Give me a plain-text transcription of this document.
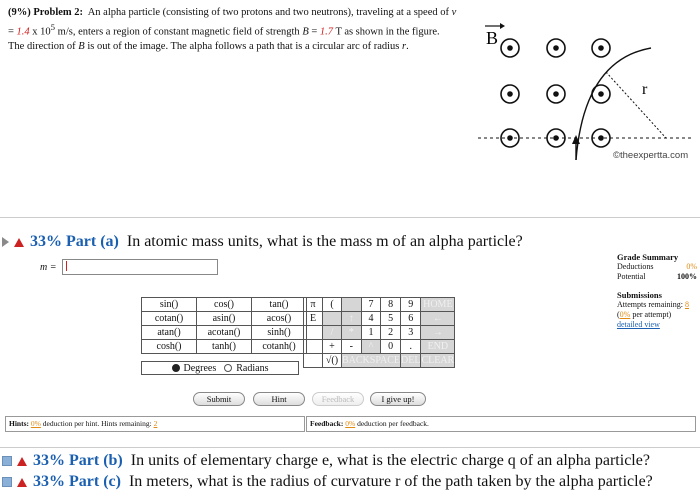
(9%) Problem 2: An alpha particle (consisting of two protons and two neutrons), traveling at a speed of v = 1.4 x $10^5$ m/s, enters a region of constant magnetic field of strength B = 1.7 T as shown in the figure. The direction of B is out of the image. The alpha follows a path that is a circular arc of radius r.	B
r
©theexpertta.com
33% Part (a) In atomic mass units, what is the mass m of an alpha particle?
m =
Grade Summary
Deductions	0%
Potential	100%
Submissions
Attempts remaining: 8
(0% per attempt)
detailed view
sin()	cos()	tan()
cotan()	asin()	acos()
atan()	acotan()	sinh()
cosh()	tanh()	cotanh()
Degrees Radians
π	(		7	8	9	HOME
E		↑	4	5	6	←
	/	*	1	2	3	→
	+	-	^	0	.	END
	√()	BACKSPACE			DEL	CLEAR
Submit	Hint	Feedback	I give up!
Hints: 0% deduction per hint. Hints remaining: 2	Feedback: 0% deduction per feedback.
33% Part (b) In units of elementary charge e, what is the electric charge q of an alpha particle?
33% Part (c) In meters, what is the radius of curvature r of the path taken by the alpha particle?
